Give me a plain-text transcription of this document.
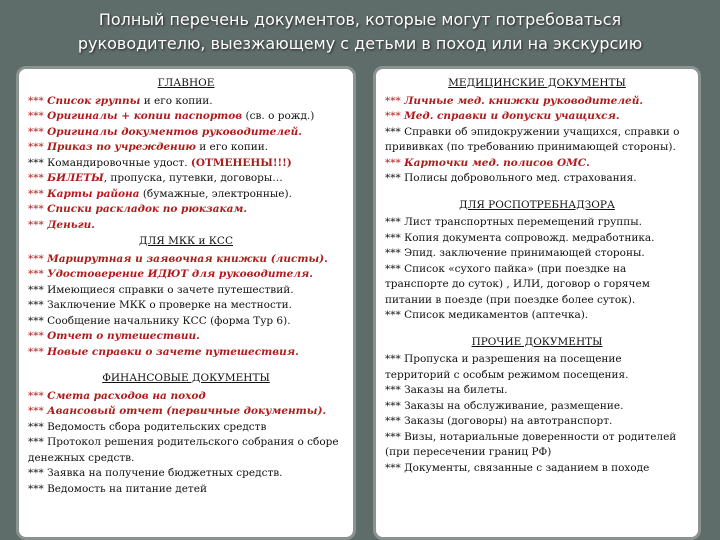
Полный перечень документов, которые могут потребоваться
руководителю, выезжающему с детьми в поход или на экскурсию
ГЛАВНОЕ
*** Список группы и его копии.
*** Оригиналы + копии паспортов (св. о рожд.)
*** Оригиналы документов руководителей.
*** Приказ по учреждению и его копии.
*** Командировочные удост. (ОТМЕНЕНЫ!!!)
*** БИЛЕТЫ, пропуска, путевки, договоры…
*** Карты района (бумажные, электронные).
*** Списки раскладок по рюкзакам.
*** Деньги.
ДЛЯ МКК и КСС
*** Маршрутная и заявочная книжки (листы).
*** Удостоверение ИДЮТ для руководителя.
*** Имеющиеся справки о зачете путешествий.
*** Заключение МКК о проверке на местности.
*** Сообщение начальнику КСС (форма Тур 6).
*** Отчет о путешествии.
*** Новые справки о зачете путешествия.
ФИНАНСОВЫЕ ДОКУМЕНТЫ
*** Смета расходов на поход
*** Авансовый отчет (первичные документы).
*** Ведомость сбора родительских средств
*** Протокол решения родительского собрания о сборе денежных средств.
*** Заявка на получение бюджетных средств.
*** Ведомость на питание детей
МЕДИЦИНСКИЕ ДОКУМЕНТЫ
*** Личные мед. книжки руководителей.
*** Мед. справки и допуски учащихся.
*** Справки об эпидокружении учащихся, справки о прививках (по требованию принимающей стороны).
*** Карточки мед. полисов ОМС.
*** Полисы добровольного мед. страхования.
ДЛЯ РОСПОТРЕБНАДЗОРА
*** Лист транспортных перемещений группы.
*** Копия документа сопровожд. медработника.
*** Эпид. заключение принимающей стороны.
*** Список «сухого пайка» (при поездке на транспорте до суток) , ИЛИ, договор о горячем питании в поезде (при поездке более суток).
*** Список медикаментов (аптечка).
ПРОЧИЕ ДОКУМЕНТЫ
*** Пропуска и разрешения на посещение территорий с особым режимом посещения.
*** Заказы на билеты.
*** Заказы на обслуживание, размещение.
*** Заказы (договоры) на автотранспорт.
*** Визы, нотариальные доверенности от родителей (при пересечении границ РФ)
*** Документы, связанные с заданием в походе
